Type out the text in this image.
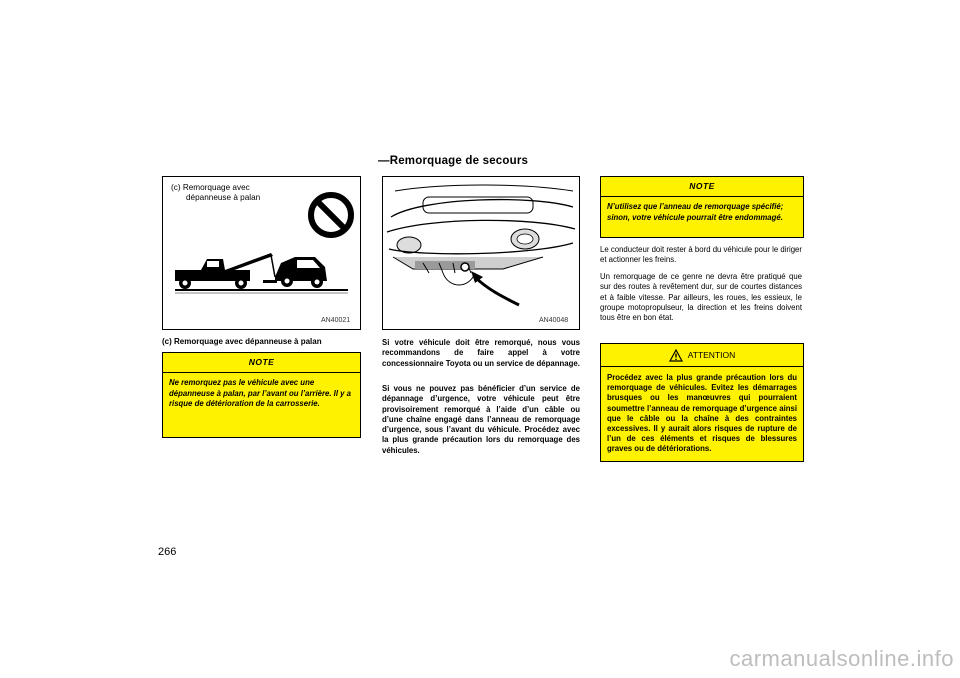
—Remorquage de secours
(c) Remorquage avec
dépanneuse à palan
AN40021
(c) Remorquage avec dépanneuse à palan
NOTE
Ne remorquez pas le véhicule avec une dépanneuse à palan, par l’avant ou l’arrière. Il y a risque de détérioration de la carrosserie.
AN40048
Si votre véhicule doit être remorqué, nous vous recommandons de faire appel à votre concessionnaire Toyota ou un service de dépannage.
Si vous ne pouvez pas bénéficier d’un service de dépannage d’urgence, votre véhicule peut être provisoirement remorqué à l’aide d’un câble ou d’une chaîne engagé dans l’anneau de remorquage d’urgence, sous l’avant du véhicule. Procédez avec la plus grande précaution lors du remorquage des véhicules.
NOTE
N’utilisez que l’anneau de remorquage spécifié; sinon, votre véhicule pourrait être endommagé.
Le conducteur doit rester à bord du véhicule pour le diriger et actionner les freins.
Un remorquage de ce genre ne devra être pratiqué que sur des routes à revêtement dur, sur de courtes distances et à faible vitesse. Par ailleurs, les roues, les essieux, le groupe motopropulseur, la direction et les freins doivent tous être en bon état.
ATTENTION
Procédez avec la plus grande précaution lors du remorquage de véhicules. Evitez les démarrages brusques ou les manœuvres qui pourraient soumettre l’anneau de remorquage d’urgence ainsi que le câble ou la chaîne à des contraintes excessives. Il y aurait alors risques de rupture de l’un de ces éléments et risques de blessures graves ou de détériorations.
266
carmanualsonline.info
